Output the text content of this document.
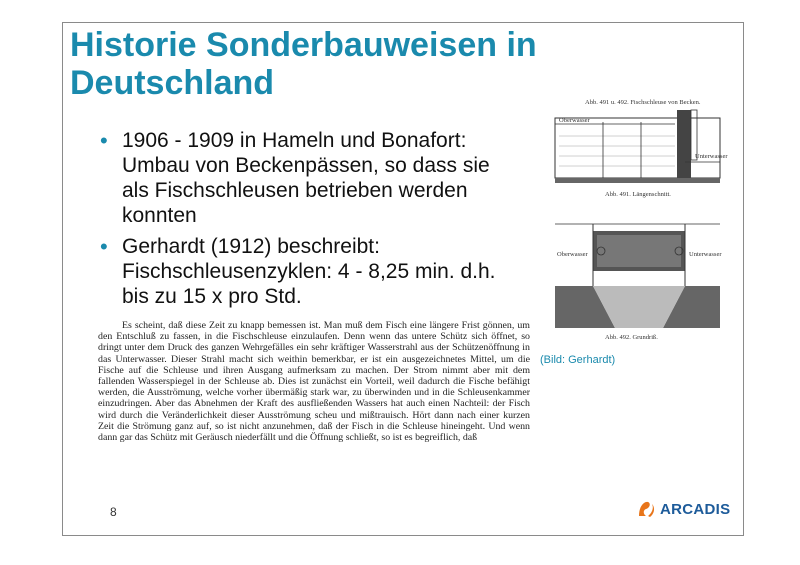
Historie Sonderbauweisen in Deutschland
• 1906 - 1909 in Hameln und Bonafort: Umbau von Beckenpässen, so dass sie als Fischschleusen betrieben werden konnten
• Gerhardt (1912) beschreibt: Fischschleusenzyklen: 4 - 8,25 min. d.h. bis zu 15 x pro Std.
Es scheint, daß diese Zeit zu knapp bemessen ist. Man muß dem Fisch eine längere Frist gönnen, um den Entschluß zu fassen, in die Fischschleuse einzulaufen. Denn wenn das untere Schütz sich öffnet, so dringt unter dem Druck des ganzen Wehrgefälles ein sehr kräftiger Wasserstrahl aus der Schützenöffnung in das Unterwasser. Dieser Strahl macht sich weithin bemerkbar, er ist ein ausgezeichnetes Mittel, um die Fische auf die Schleuse und ihren Ausgang aufmerksam zu machen. Der Strom nimmt aber mit dem fallenden Wasserspiegel in der Schleuse ab. Dies ist zunächst ein Vorteil, weil dadurch die Fische befähigt werden, die Ausströmung, welche vorher übermäßig stark war, zu überwinden und in die Schleusenkammer einzudringen. Aber das Abnehmen der Kraft des ausfließenden Wassers hat auch einen Nachteil: der Fisch wird durch die Veränderlichkeit dieser Ausströmung scheu und mißtrauisch. Hört dann nach einer kurzen Zeit die Strömung ganz auf, so ist nicht anzunehmen, daß der Fisch in die Schleuse hineingeht. Und wenn dann gar das Schütz mit Geräusch niederfällt und die Öffnung schließt, so ist es begreiflich, daß
Abb. 491 u. 492. Fischschleuse von Becken.
Oberwasser
Unterwasser
Abb. 491. Längenschnitt.
Oberwasser	Unterwasser
Abb. 492. Grundriß.
(Bild: Gerhardt)
8	ARCADIS
